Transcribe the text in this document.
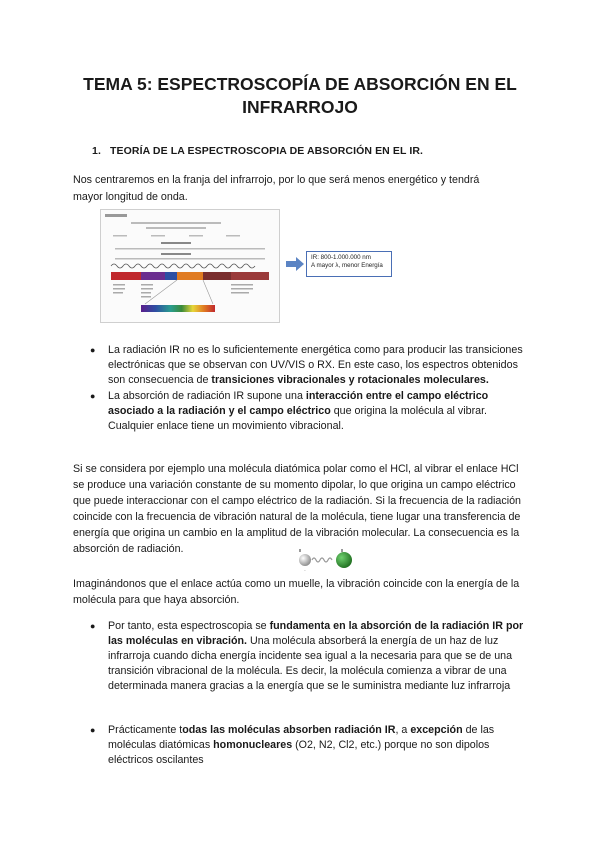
TEMA 5: ESPECTROSCOPÍA DE ABSORCIÓN EN EL
INFRARROJO
1. TEORÍA DE LA ESPECTROSCOPIA DE ABSORCIÓN EN EL IR.
Nos centraremos en la franja del infrarrojo, por lo que será menos energético y tendrá
mayor longitud de onda.
IR: 800-1.000.000 nm
A mayor λ, menor Energía
● La radiación IR no es lo suficientemente energética como para producir las transiciones electrónicas que se observan con UV/VIS o RX. En este caso, los espectros obtenidos son consecuencia de transiciones vibracionales y rotacionales moleculares.
● La absorción de radiación IR supone una interacción entre el campo eléctrico asociado a la radiación y el campo eléctrico que origina la molécula al vibrar. Cualquier enlace tiene un movimiento vibracional.
Si se considera por ejemplo una molécula diatómica polar como el HCl, al vibrar el enlace HCl se produce una variación constante de su momento dipolar, lo que origina un campo eléctrico que puede interaccionar con el campo eléctrico de la radiación. Si la frecuencia de la radiación coincide con la frecuencia de vibración natural de la molécula, tiene lugar una transferencia de energía que origina un cambio en la amplitud de la vibración molecular. La consecuencia es la absorción de radiación.
·
Imaginándonos que el enlace actúa como un muelle, la vibración coincide con la energía de la molécula para que haya absorción.
● Por tanto, esta espectroscopia se fundamenta en la absorción de la radiación IR por las moléculas en vibración. Una molécula absorberá la energía de un haz de luz infrarroja cuando dicha energía incidente sea igual a la necesaria para que se de una transición vibracional de la molécula. Es decir, la molécula comienza a vibrar de una determinada manera gracias a la energía que se le suministra mediante luz infrarroja
● Prácticamente todas las moléculas absorben radiación IR, a excepción de las moléculas diatómicas homonucleares (O2, N2, Cl2, etc.) porque no son dipolos eléctricos oscilantes
